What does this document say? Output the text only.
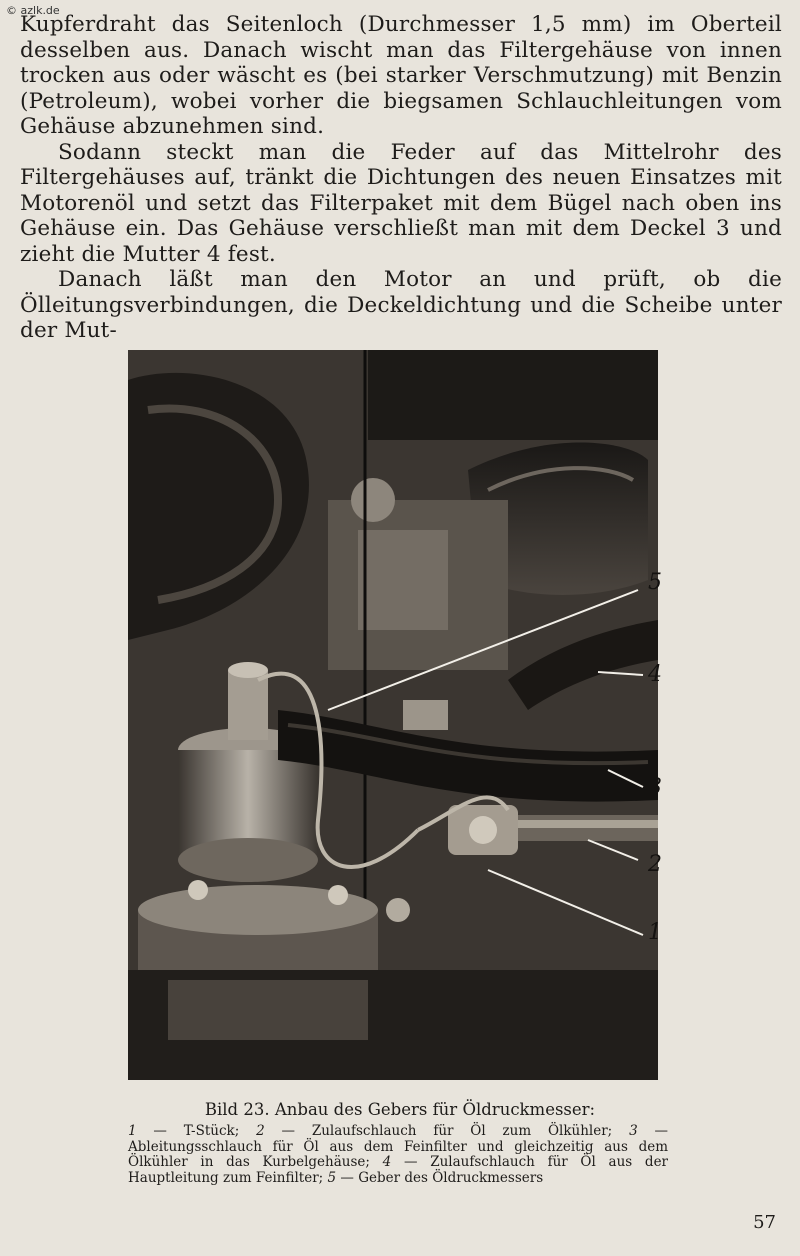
© azlk.de

Kupferdraht das Seitenloch (Durchmesser 1,5 mm) im Oberteil desselben aus. Danach wischt man das Filtergehäuse von innen trocken aus oder wäscht es (bei starker Verschmutzung) mit Benzin (Petroleum), wobei vorher die biegsamen Schlauchleitungen vom Gehäuse abzunehmen sind.

Sodann steckt man die Feder auf das Mittelrohr des Filtergehäuses auf, tränkt die Dichtungen des neuen Einsatzes mit Motorenöl und setzt das Filterpaket mit dem Bügel nach oben ins Gehäuse ein. Das Gehäuse verschließt man mit dem Deckel 3 und zieht die Mutter 4 fest.

Danach läßt man den Motor an und prüft, ob die Ölleitungsverbindungen, die Deckeldichtung und die Scheibe unter der Mut-

5
4
3
2
1
Bild 23. Anbau des Gebers für Öldruckmesser:
1 — T-Stück; 2 — Zulaufschlauch für Öl zum Ölkühler; 3 — Ableitungsschlauch für Öl aus dem Feinfilter und gleichzeitig aus dem Ölkühler in das Kurbelgehäuse; 4 — Zulaufschlauch für Öl aus der Hauptleitung zum Feinfilter; 5 — Geber des Öldruckmessers
57
